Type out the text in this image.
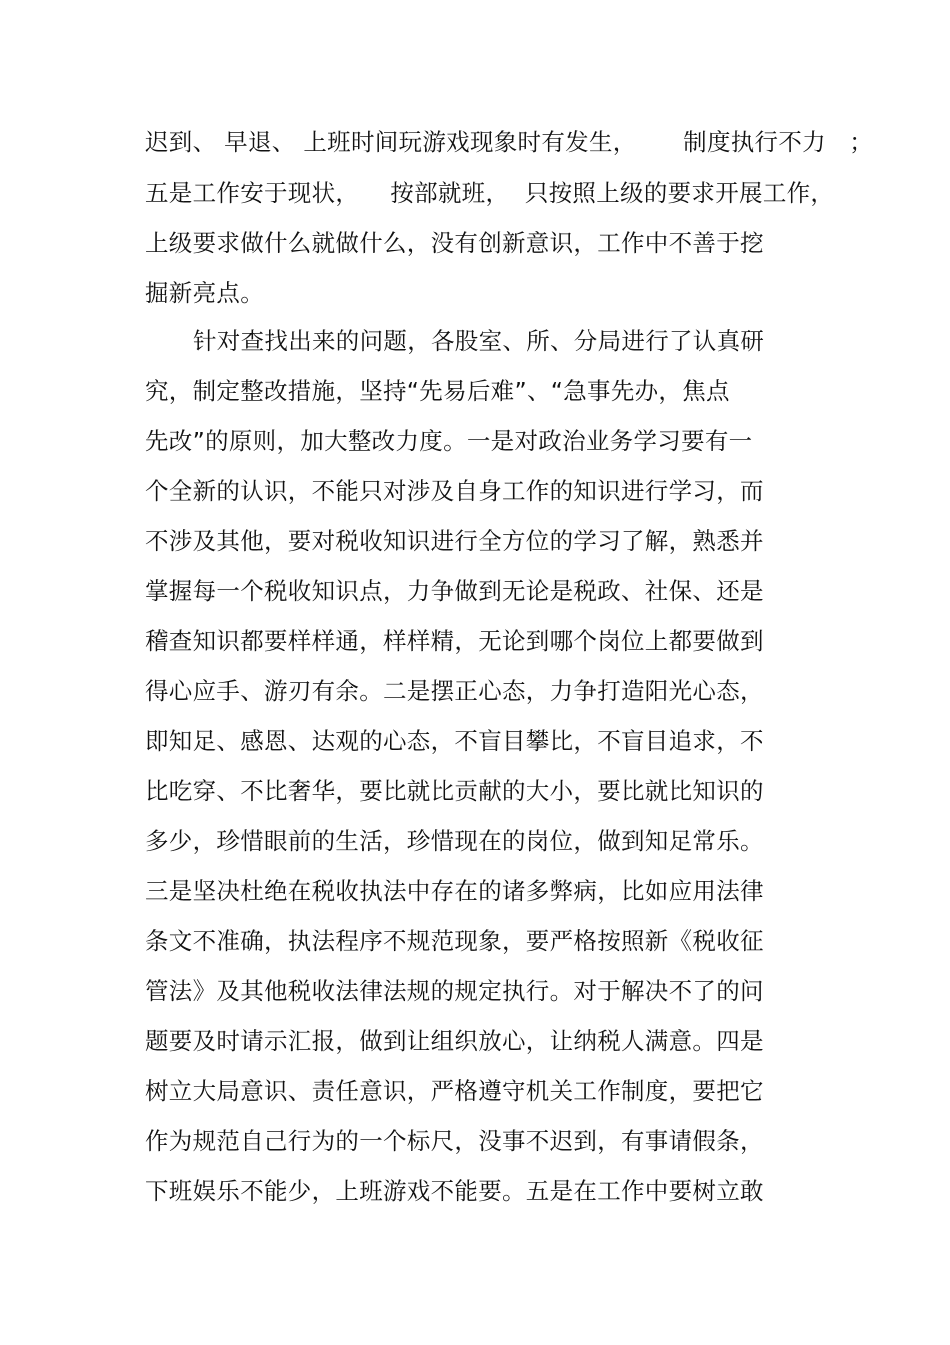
迟到、 早退、 上班时间玩游戏现象时有发生，      制度执行不力   ；
五是工作安于现状，    按部就班，  只按照上级的要求开展工作，
上级要求做什么就做什么，没有创新意识，工作中不善于挖
掘新亮点。
针对查找出来的问题，各股室、所、分局进行了认真研
究，制定整改措施，坚持“先易后难”、“急事先办，焦点
先改”的原则，加大整改力度。一是对政治业务学习要有一
个全新的认识，不能只对涉及自身工作的知识进行学习，而
不涉及其他，要对税收知识进行全方位的学习了解，熟悉并
掌握每一个税收知识点，力争做到无论是税政、社保、还是
稽查知识都要样样通，样样精，无论到哪个岗位上都要做到
得心应手、游刃有余。二是摆正心态，力争打造阳光心态，
即知足、感恩、达观的心态，不盲目攀比，不盲目追求，不
比吃穿、不比奢华，要比就比贡献的大小，要比就比知识的
多少，珍惜眼前的生活，珍惜现在的岗位，做到知足常乐。
三是坚决杜绝在税收执法中存在的诸多弊病，比如应用法律
条文不准确，执法程序不规范现象，要严格按照新《税收征
管法》及其他税收法律法规的规定执行。对于解决不了的问
题要及时请示汇报，做到让组织放心，让纳税人满意。四是
树立大局意识、责任意识，严格遵守机关工作制度，要把它
作为规范自己行为的一个标尺，没事不迟到，有事请假条，
下班娱乐不能少，上班游戏不能要。五是在工作中要树立敢
